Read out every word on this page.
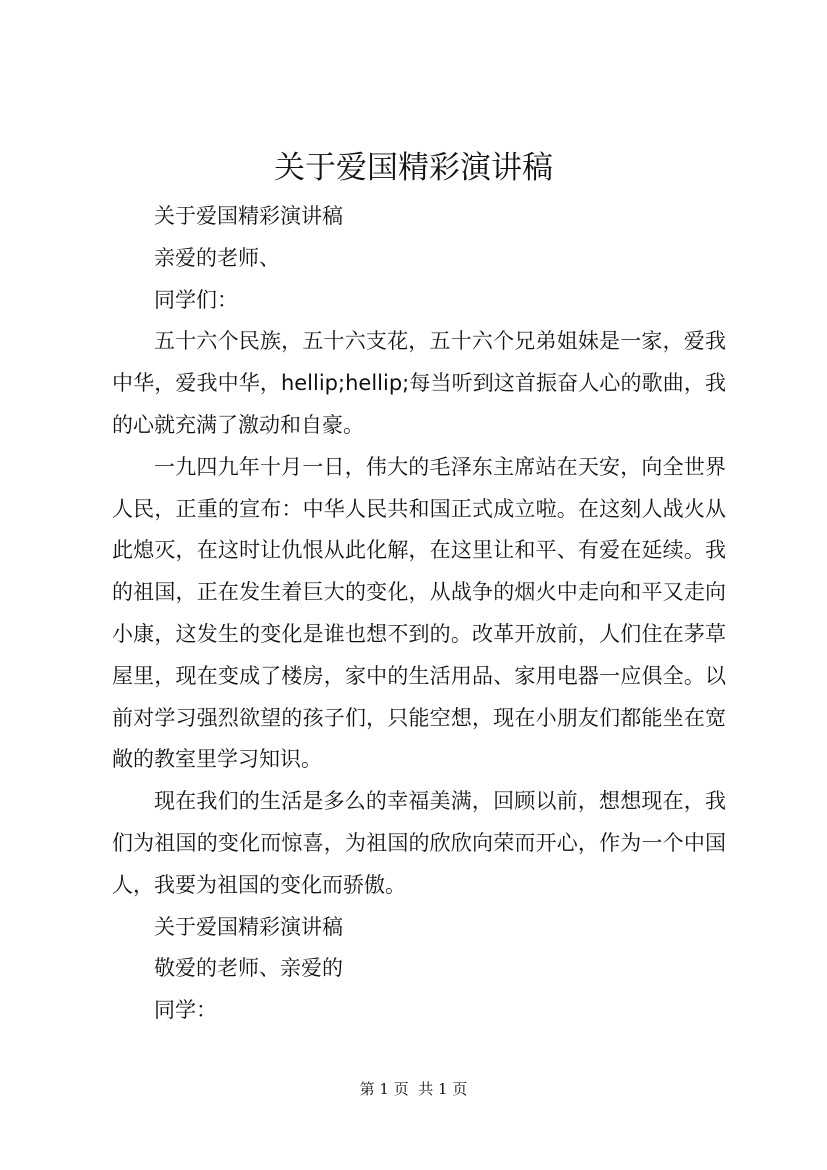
关于爱国精彩演讲稿

关于爱国精彩演讲稿

亲爱的老师、

同学们：

五十六个民族，五十六支花，五十六个兄弟姐妹是一家，爱我中华，爱我中华，hellip;hellip;每当听到这首振奋人心的歌曲，我的心就充满了激动和自豪。

一九四九年十月一日，伟大的毛泽东主席站在天安，向全世界人民，正重的宣布：中华人民共和国正式成立啦。在这刻人战火从此熄灭，在这时让仇恨从此化解，在这里让和平、有爱在延续。我的祖国，正在发生着巨大的变化，从战争的烟火中走向和平又走向小康，这发生的变化是谁也想不到的。改革开放前，人们住在茅草屋里，现在变成了楼房，家中的生活用品、家用电器一应俱全。以前对学习强烈欲望的孩子们，只能空想，现在小朋友们都能坐在宽敞的教室里学习知识。

现在我们的生活是多么的幸福美满，回顾以前，想想现在，我们为祖国的变化而惊喜，为祖国的欣欣向荣而开心，作为一个中国人，我要为祖国的变化而骄傲。

关于爱国精彩演讲稿

敬爱的老师、亲爱的

同学：

第 1 页  共 1 页
